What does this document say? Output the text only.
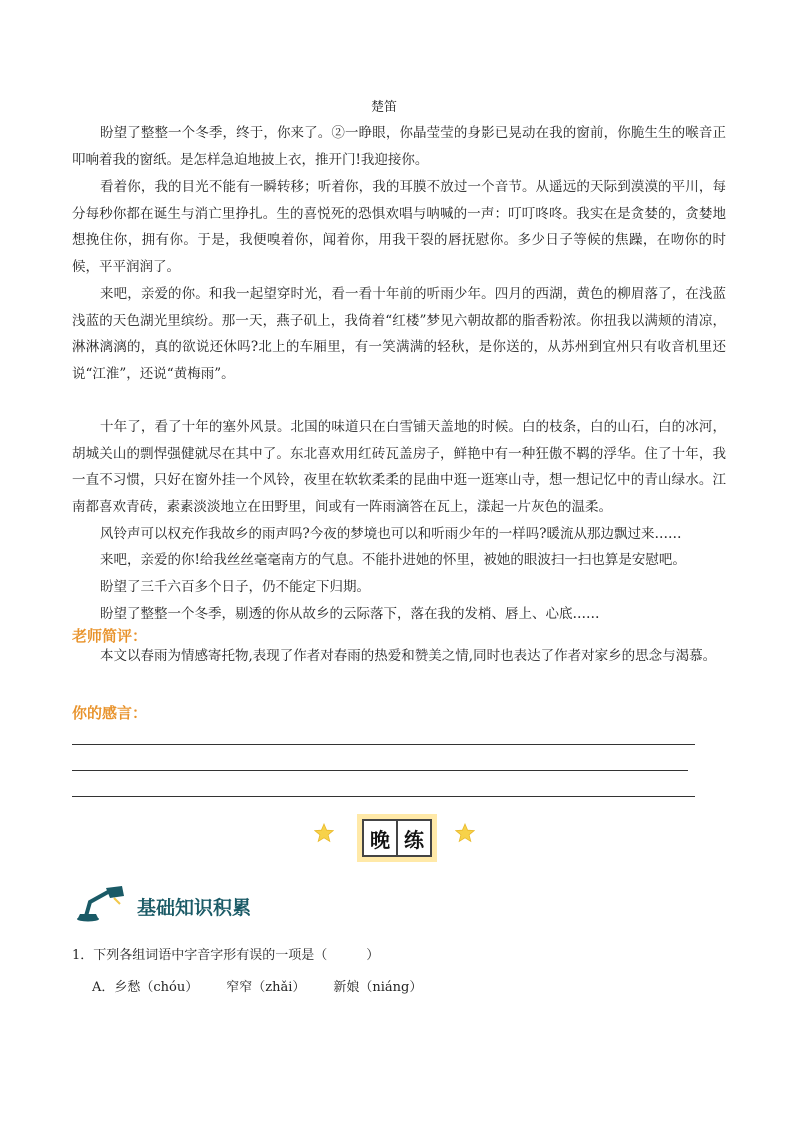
楚笛

盼望了整整一个冬季，终于，你来了。②一睁眼，你晶莹莹的身影已晃动在我的窗前，你脆生生的喉音正叩响着我的窗纸。是怎样急迫地披上衣，推开门!我迎接你。

看着你，我的目光不能有一瞬转移；听着你，我的耳膜不放过一个音节。从遥远的天际到漠漠的平川，每分每秒你都在诞生与消亡里挣扎。生的喜悦死的恐惧欢唱与呐喊的一声：叮叮咚咚。我实在是贪婪的，贪婪地想挽住你，拥有你。于是，我便嗅着你，闻着你，用我干裂的唇抚慰你。多少日子等候的焦躁，在吻你的时候，平平润润了。

来吧，亲爱的你。和我一起望穿时光，看一看十年前的听雨少年。四月的西湖，黄色的柳眉落了，在浅蓝浅蓝的天色湖光里缤纷。那一天，燕子矶上，我倚着“红楼”梦见六朝故都的脂香粉浓。你扭我以满颊的清凉，淋淋漓漓的，真的欲说还休吗?北上的车厢里，有一笑满满的轻秋，是你送的，从苏州到宜州只有收音机里还说“江淮”，还说“黄梅雨”。

十年了，看了十年的塞外风景。北国的味道只在白雪铺天盖地的时候。白的枝条，白的山石，白的冰河，胡城关山的剽悍强健就尽在其中了。东北喜欢用红砖瓦盖房子，鲜艳中有一种狂傲不羁的浮华。住了十年，我一直不习惯，只好在窗外挂一个风铃，夜里在软软柔柔的昆曲中逛一逛寒山寺，想一想记忆中的青山绿水。江南都喜欢青砖，素素淡淡地立在田野里，间或有一阵雨滴答在瓦上，漾起一片灰色的温柔。

风铃声可以权充作我故乡的雨声吗?今夜的梦境也可以和听雨少年的一样吗?暖流从那边飘过来……

来吧，亲爱的你!给我丝丝毫毫南方的气息。不能扑进她的怀里，被她的眼波扫一扫也算是安慰吧。

盼望了三千六百多个日子，仍不能定下归期。

盼望了整整一个冬季，剔透的你从故乡的云际落下，落在我的发梢、唇上、心底……

老师简评：

本文以春雨为情感寄托物,表现了作者对春雨的热爱和赞美之情,同时也表达了作者对家乡的思念与渴慕。

你的感言：
晚 练
基础知识积累
1．下列各组词语中字音字形有误的一项是（　　　）
A．乡愁（chóu） 窄窄（zhǎi） 新娘（niáng）
